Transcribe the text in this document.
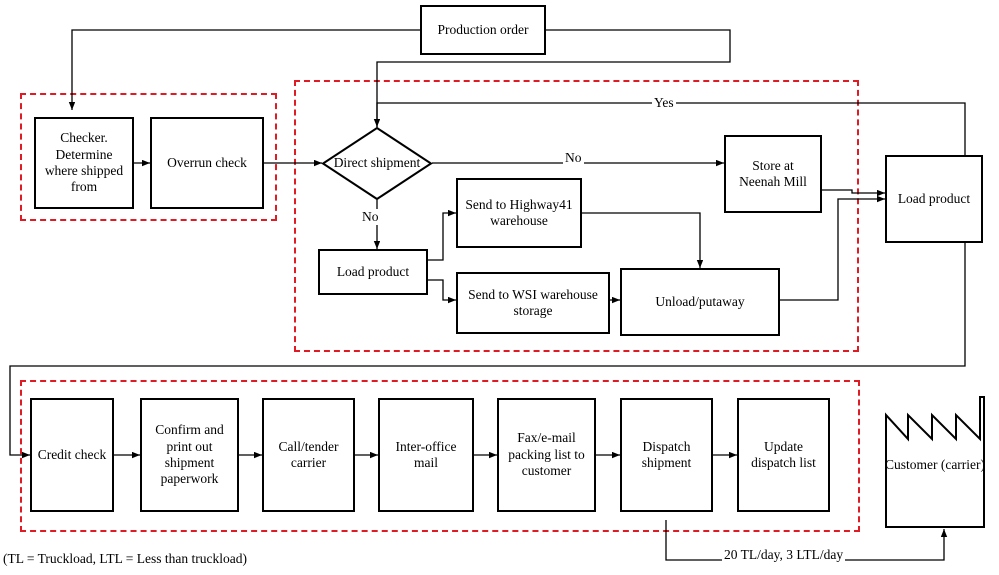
Production order
Checker. Determine where shipped from
Overrun check	Direct shipment
Load product
Send to Highway41 warehouse
Send to WSI warehouse storage
Unload/putaway
Store at Neenah Mill
Load product
Credit check
Confirm and print out shipment paperwork
Call/tender carrier
Inter-office mail
Fax/e-mail packing list to customer
Dispatch shipment
Update dispatch list	Customer (carrier)
Yes
No
No
20 TL/day, 3 LTL/day
(TL = Truckload, LTL = Less than truckload)
